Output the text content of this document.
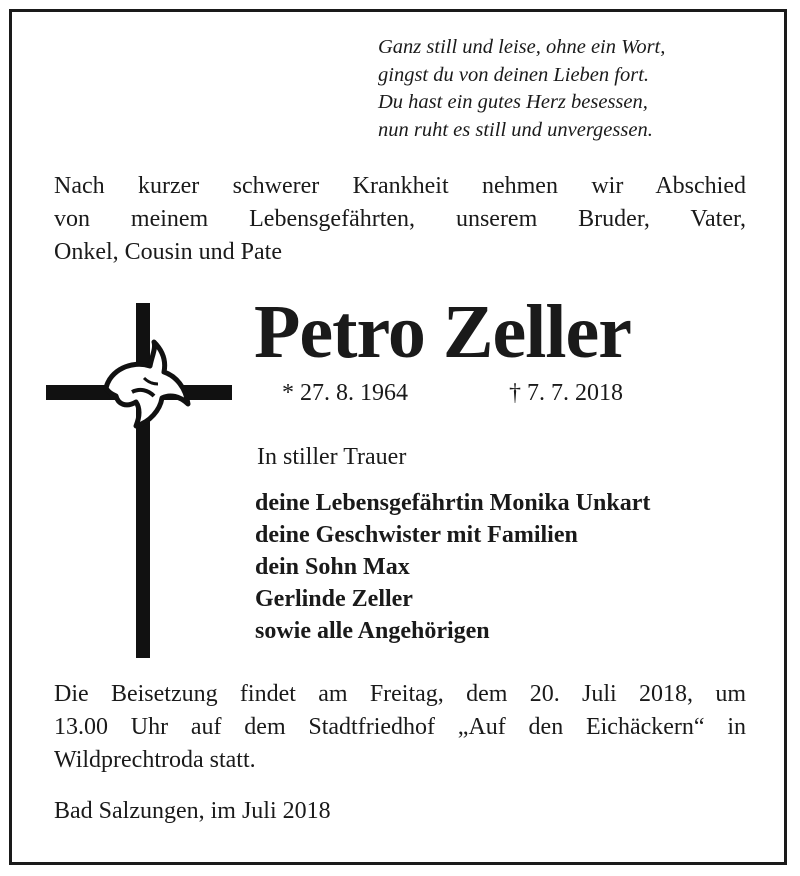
Ganz still und leise, ohne ein Wort,
gingst du von deinen Lieben fort.
Du hast ein gutes Herz besessen,
nun ruht es still und unvergessen.
Nach kurzer schwerer Krankheit nehmen wir Abschied
von meinem Lebensgefährten, unserem Bruder, Vater,
Onkel, Cousin und Pate
Petro Zeller
* 27. 8. 1964	† 7. 7. 2018
In stiller Trauer
deine Lebensgefährtin Monika Unkart
deine Geschwister mit Familien
dein Sohn Max
Gerlinde Zeller
sowie alle Angehörigen
Die Beisetzung findet am Freitag, dem 20. Juli 2018, um
13.00 Uhr auf dem Stadtfriedhof „Auf den Eichäckern“ in
Wildprechtroda statt.
Bad Salzungen, im Juli 2018
